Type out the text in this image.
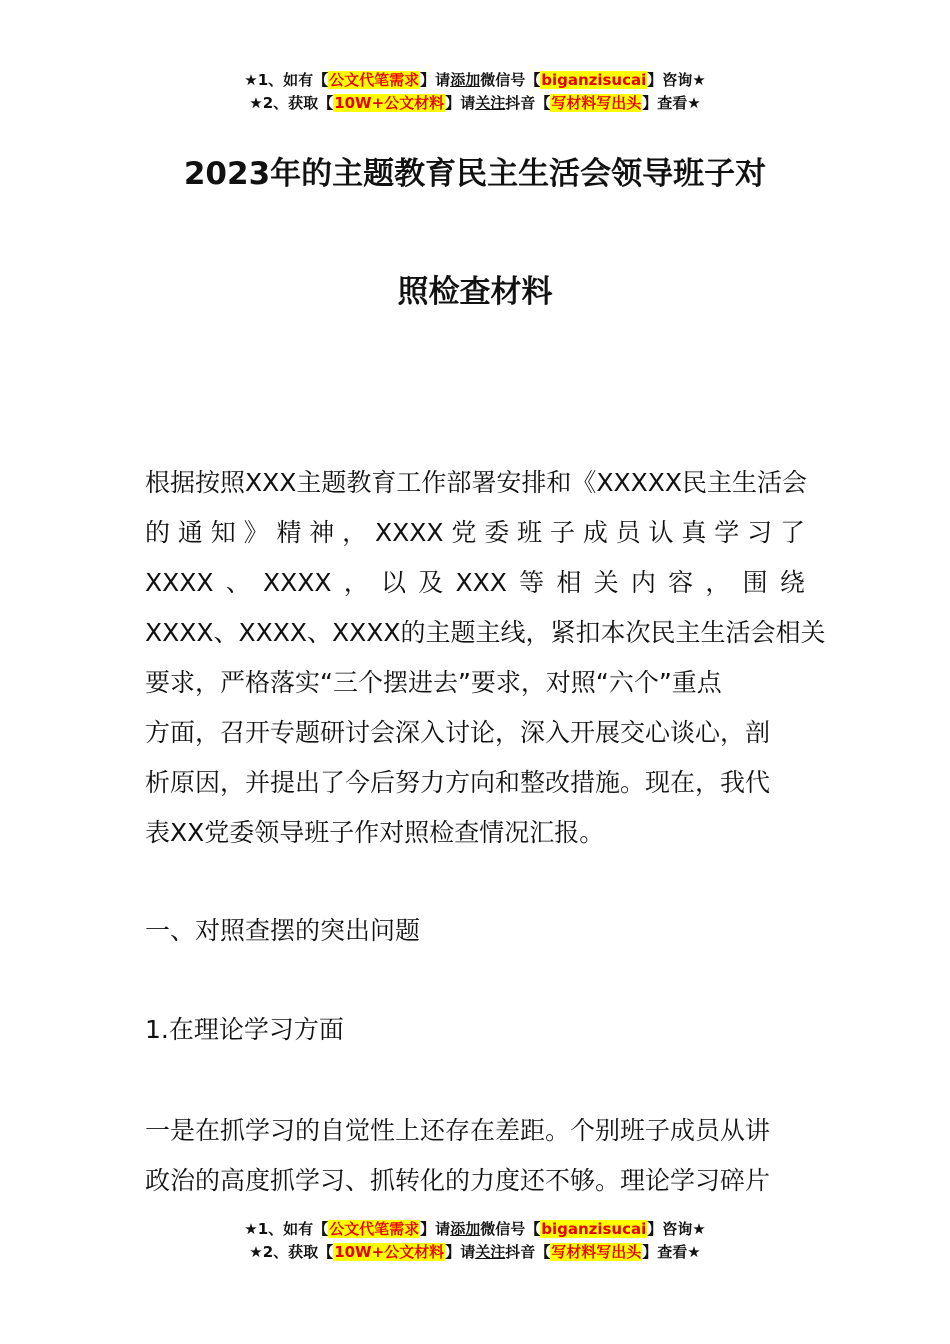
★1、如有【公文代笔需求】请添加微信号【biganzisucai】咨询★
★2、获取【10W+公文材料】请关注抖音【写材料写出头】查看★
2023年的主题教育民主生活会领导班子对
照检查材料
根据按照XXX主题教育工作部署安排和《XXXXX民主生活会
的 通 知 》 精 神 ， XXXX 党 委 班 子 成 员 认 真 学 习 了
XXXX 、 XXXX ， 以 及 XXX 等 相 关 内 容 ， 围 绕
XXXX、XXXX、XXXX的主题主线，紧扣本次民主生活会相关
要求，严格落实“三个摆进去”要求，对照“六个”重点
方面，召开专题研讨会深入讨论，深入开展交心谈心，剖
析原因，并提出了今后努力方向和整改措施。现在，我代
表XX党委领导班子作对照检查情况汇报。
一、对照查摆的突出问题
1.在理论学习方面
一是在抓学习的自觉性上还存在差距。个别班子成员从讲
政治的高度抓学习、抓转化的力度还不够。理论学习碎片
★1、如有【公文代笔需求】请添加微信号【biganzisucai】咨询★
★2、获取【10W+公文材料】请关注抖音【写材料写出头】查看★
